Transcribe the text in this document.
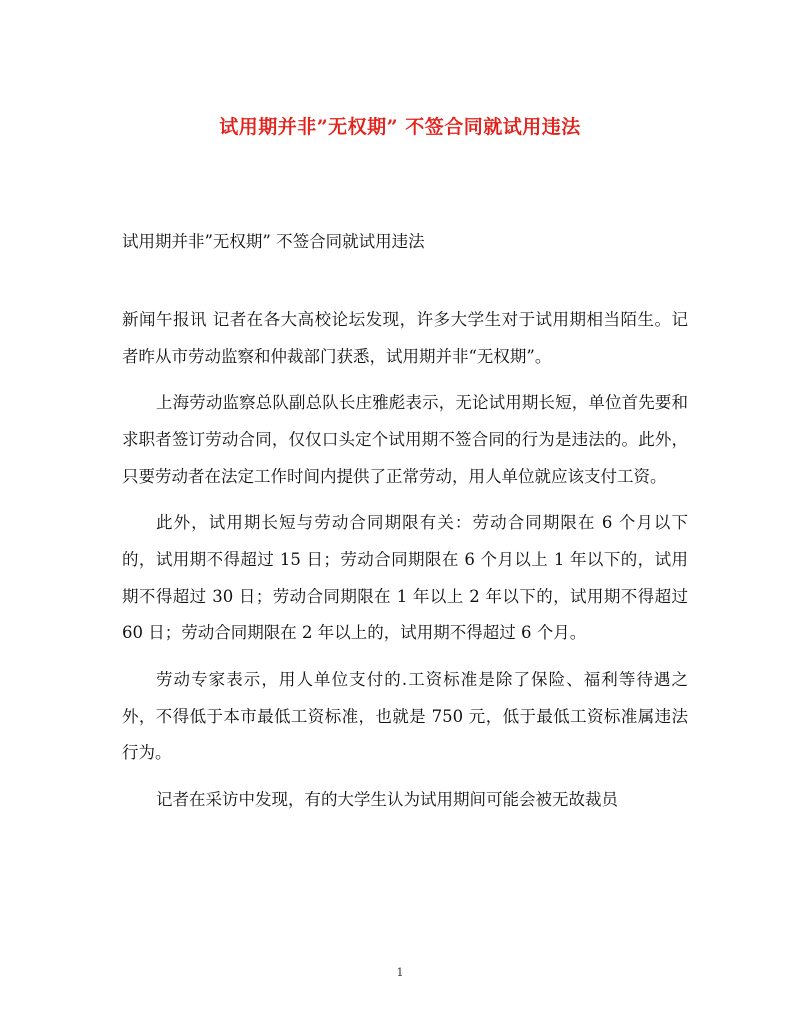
试用期并非”无权期” 不签合同就试用违法
试用期并非”无权期” 不签合同就试用违法

新闻午报讯 记者在各大高校论坛发现，许多大学生对于试用期相当陌生。记者昨从市劳动监察和仲裁部门获悉，试用期并非“无权期”。

上海劳动监察总队副总队长庄雅彪表示，无论试用期长短，单位首先要和求职者签订劳动合同，仅仅口头定个试用期不签合同的行为是违法的。此外，只要劳动者在法定工作时间内提供了正常劳动，用人单位就应该支付工资。

此外，试用期长短与劳动合同期限有关：劳动合同期限在 6 个月以下的，试用期不得超过 15 日；劳动合同期限在 6 个月以上 1 年以下的，试用期不得超过 30 日；劳动合同期限在 1 年以上 2 年以下的，试用期不得超过 60 日；劳动合同期限在 2 年以上的，试用期不得超过 6 个月。

劳动专家表示，用人单位支付的.工资标准是除了保险、福利等待遇之外，不得低于本市最低工资标准，也就是 750 元，低于最低工资标准属违法行为。

记者在采访中发现，有的大学生认为试用期间可能会被无故裁员

1
